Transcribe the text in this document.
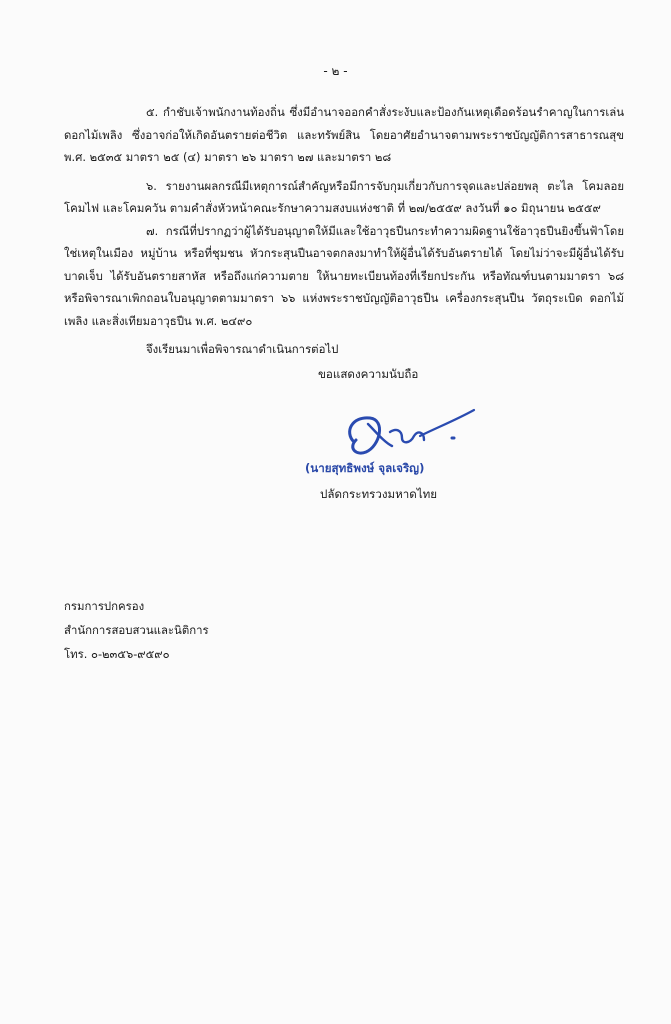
- ๒ -

๕. กำชับเจ้าพนักงานท้องถิ่น ซึ่งมีอำนาจออกคำสั่งระงับและป้องกันเหตุเดือดร้อนรำคาญในการเล่นดอกไม้เพลิง ซึ่งอาจก่อให้เกิดอันตรายต่อชีวิต และทรัพย์สิน โดยอาศัยอำนาจตามพระราชบัญญัติการสาธารณสุข พ.ศ. ๒๕๓๕ มาตรา ๒๕ (๔) มาตรา ๒๖ มาตรา ๒๗ และมาตรา ๒๘

๖. รายงานผลกรณีมีเหตุการณ์สำคัญหรือมีการจับกุมเกี่ยวกับการจุดและปล่อยพลุ ตะไล โคมลอย โคมไฟ และโคมควัน ตามคำสั่งหัวหน้าคณะรักษาความสงบแห่งชาติ ที่ ๒๗/๒๕๕๙ ลงวันที่ ๑๐ มิถุนายน ๒๕๕๙

๗. กรณีที่ปรากฏว่าผู้ได้รับอนุญาตให้มีและใช้อาวุธปืนกระทำความผิดฐานใช้อาวุธปืนยิงขึ้นฟ้าโดยใช่เหตุในเมือง หมู่บ้าน หรือที่ชุมชน หัวกระสุนปืนอาจตกลงมาทำให้ผู้อื่นได้รับอันตรายได้ โดยไม่ว่าจะมีผู้อื่นได้รับบาดเจ็บ ได้รับอันตรายสาหัส หรือถึงแก่ความตาย ให้นายทะเบียนท้องที่เรียกประกัน หรือทัณฑ์บนตามมาตรา ๖๘ หรือพิจารณาเพิกถอนใบอนุญาตตามมาตรา ๖๖ แห่งพระราชบัญญัติอาวุธปืน เครื่องกระสุนปืน วัตถุระเบิด ดอกไม้เพลิง และสิ่งเทียมอาวุธปืน พ.ศ. ๒๔๙๐

จึงเรียนมาเพื่อพิจารณาดำเนินการต่อไป

ขอแสดงความนับถือ
(นายสุทธิพงษ์ จุลเจริญ)
ปลัดกระทรวงมหาดไทย
กรมการปกครอง
สำนักการสอบสวนและนิติการ
โทร. ๐-๒๓๕๖-๙๕๙๐
